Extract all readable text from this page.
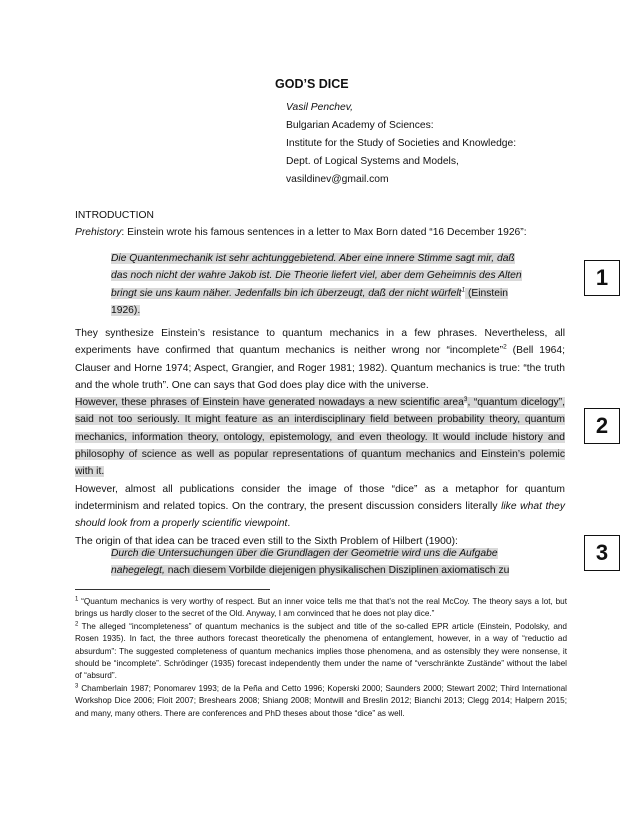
GOD’S DICE
Vasil Penchev,
Bulgarian Academy of Sciences:
Institute for the Study of Societies and Knowledge:
Dept. of Logical Systems and Models,
vasildinev@gmail.com

INTRODUCTION

Prehistory: Einstein wrote his famous sentences in a letter to Max Born dated “16 December 1926”:

Die Quantenmechanik ist sehr achtunggebietend. Aber eine innere Stimme sagt mir, daß

das noch nicht der wahre Jakob ist. Die Theorie liefert viel, aber dem Geheimnis des Alten

bringt sie uns kaum näher. Jedenfalls bin ich überzeugt, daß der nicht würfelt$^1$ (Einstein

1926).

They synthesize Einstein’s resistance to quantum mechanics in a few phrases. Nevertheless, all experiments have confirmed that quantum mechanics is neither wrong nor “incomplete”$^2$ (Bell 1964; Clauser and Horne 1974; Aspect, Grangier, and Roger 1981; 1982). Quantum mechanics is true: “the truth and the whole truth”. One can says that God does play dice with the universe.

However, these phrases of Einstein have generated nowadays a new scientific area$^3$, “quantum dicelogy”, said not too seriously. It might feature as an interdisciplinary field between probability theory, quantum mechanics, information theory, ontology, epistemology, and even theology. It would include history and philosophy of science as well as popular representations of quantum mechanics and Einstein’s polemic with it.

However, almost all publications consider the image of those “dice” as a metaphor for quantum indeterminism and related topics. On the contrary, the present discussion considers literally like what they should look from a properly scientific viewpoint.

The origin of that idea can be traced even still to the Sixth Problem of Hilbert (1900):

Durch die Untersuchungen über die Grundlagen der Geometrie wird uns die Aufgabe

nahegelegt, nach diesem Vorbilde diejenigen physikalischen Disziplinen axiomatisch zu

1
2
3

$^1$ “Quantum mechanics is very worthy of respect. But an inner voice tells me that that’s not the real McCoy. The theory says a lot, but brings us hardly closer to the secret of the Old. Anyway, I am convinced that he does not play dice.”

$^2$ The alleged “incompleteness” of quantum mechanics is the subject and title of the so-called EPR article (Einstein, Podolsky, and Rosen 1935). In fact, the three authors forecast theoretically the phenomena of entanglement, however, in a way of “reductio ad absurdum”: The suggested completeness of quantum mechanics implies those phenomena, and as ostensibly they were nonsense, it should be “incomplete”. Schrödinger (1935) forecast independently them under the name of “verschränkte Zustände” without the label of “absurd”.

$^3$ Chamberlain 1987; Ponomarev 1993; de la Peña and Cetto 1996; Koperski 2000; Saunders 2000; Stewart 2002; Third International Workshop Dice 2006; Floit 2007; Breshears 2008; Shiang 2008; Montwill and Breslin 2012; Bianchi 2013; Clegg 2014; Halpern 2015; and many, many others. There are conferences and PhD theses about those “dice” as well.
